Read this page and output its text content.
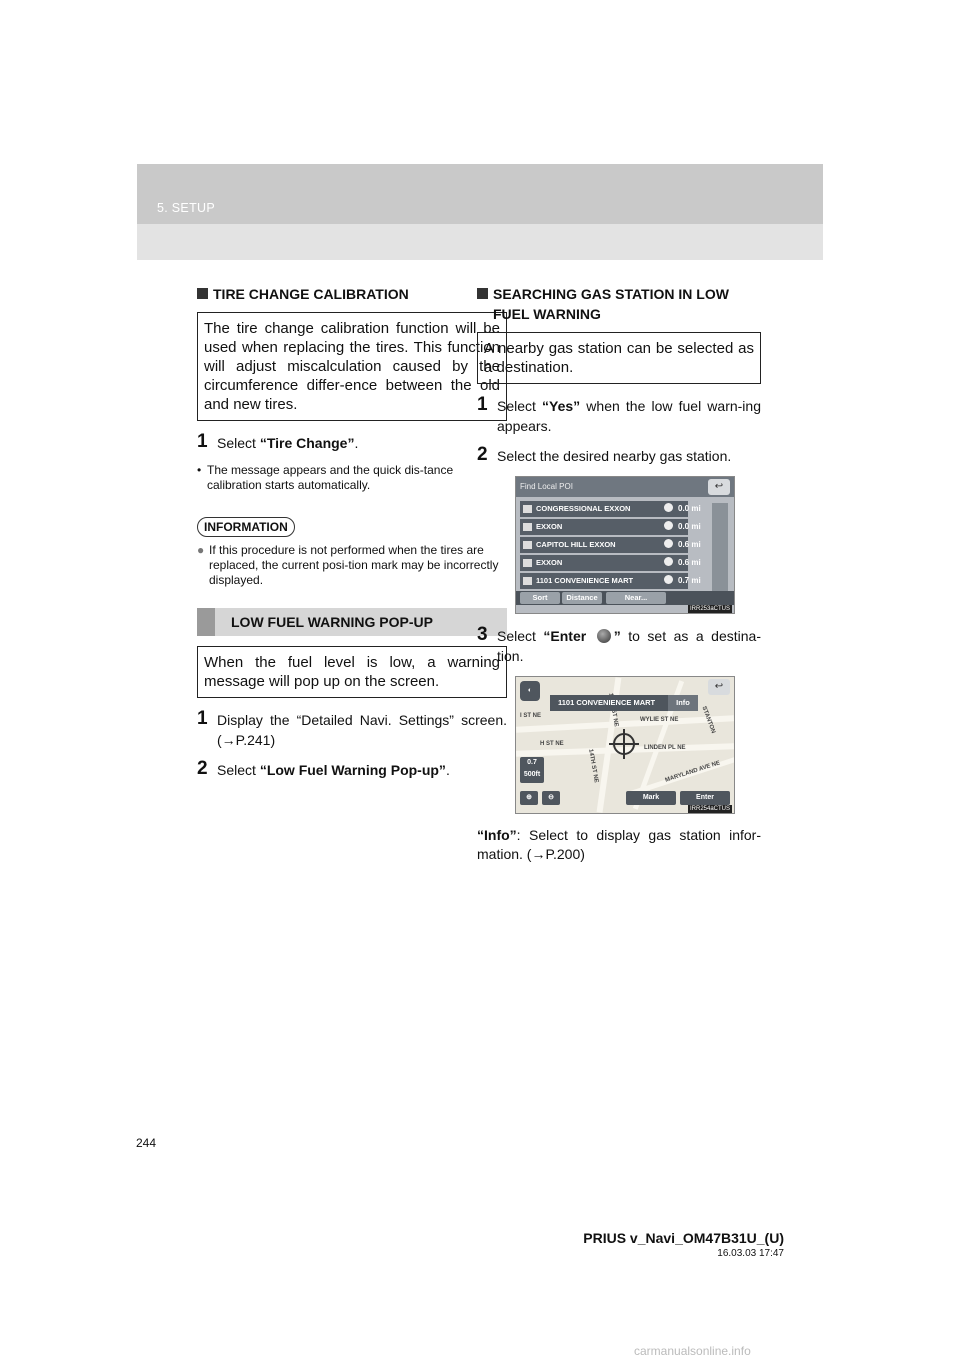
5. SETUP
TIRE CHANGE CALIBRATION
The tire change calibration function will be used when replacing the tires. This function will adjust miscalculation caused by the circumference differ-ence between the old and new tires.
1 Select “Tire Change”.
• The message appears and the quick dis-tance calibration starts automatically.
INFORMATION
● If this procedure is not performed when the tires are replaced, the current posi-tion mark may be incorrectly displayed.
LOW FUEL WARNING POP-UP
When the fuel level is low, a warning message will pop up on the screen.
1 Display the “Detailed Navi. Settings” screen. (→P.241)
2 Select “Low Fuel Warning Pop-up”.
SEARCHING GAS STATION IN LOW
FUEL WARNING
A nearby gas station can be selected as a destination.
1 Select “Yes” when the low fuel warn-ing appears.
2 Select the desired nearby gas station.
Find Local POI	↩
CONGRESSIONAL EXXON	0.0 mi
EXXON	0.0 mi
CAPITOL HILL EXXON	0.6 mi
EXXON	0.6 mi
1101 CONVENIENCE MART	0.7 mi
Sort	Distance	Near...
IRR253aCTUS
3 Select “Enter ” to set as a destina-tion.
I ST NE
H ST NE
WYLIE ST NE
LINDEN PL NE
MARYLAND AVE NE
14TH ST NE
STANTON
◐
1101 CONVENIENCE MART	Info
↩
0.7
500ft
⊕	⊖	Mark	Enter
IRR254aCTUS
“Info”: Select to display gas station infor-mation. (→P.200)
244
PRIUS v_Navi_OM47B31U_(U)
16.03.03 17:47
carmanualsonline.info
